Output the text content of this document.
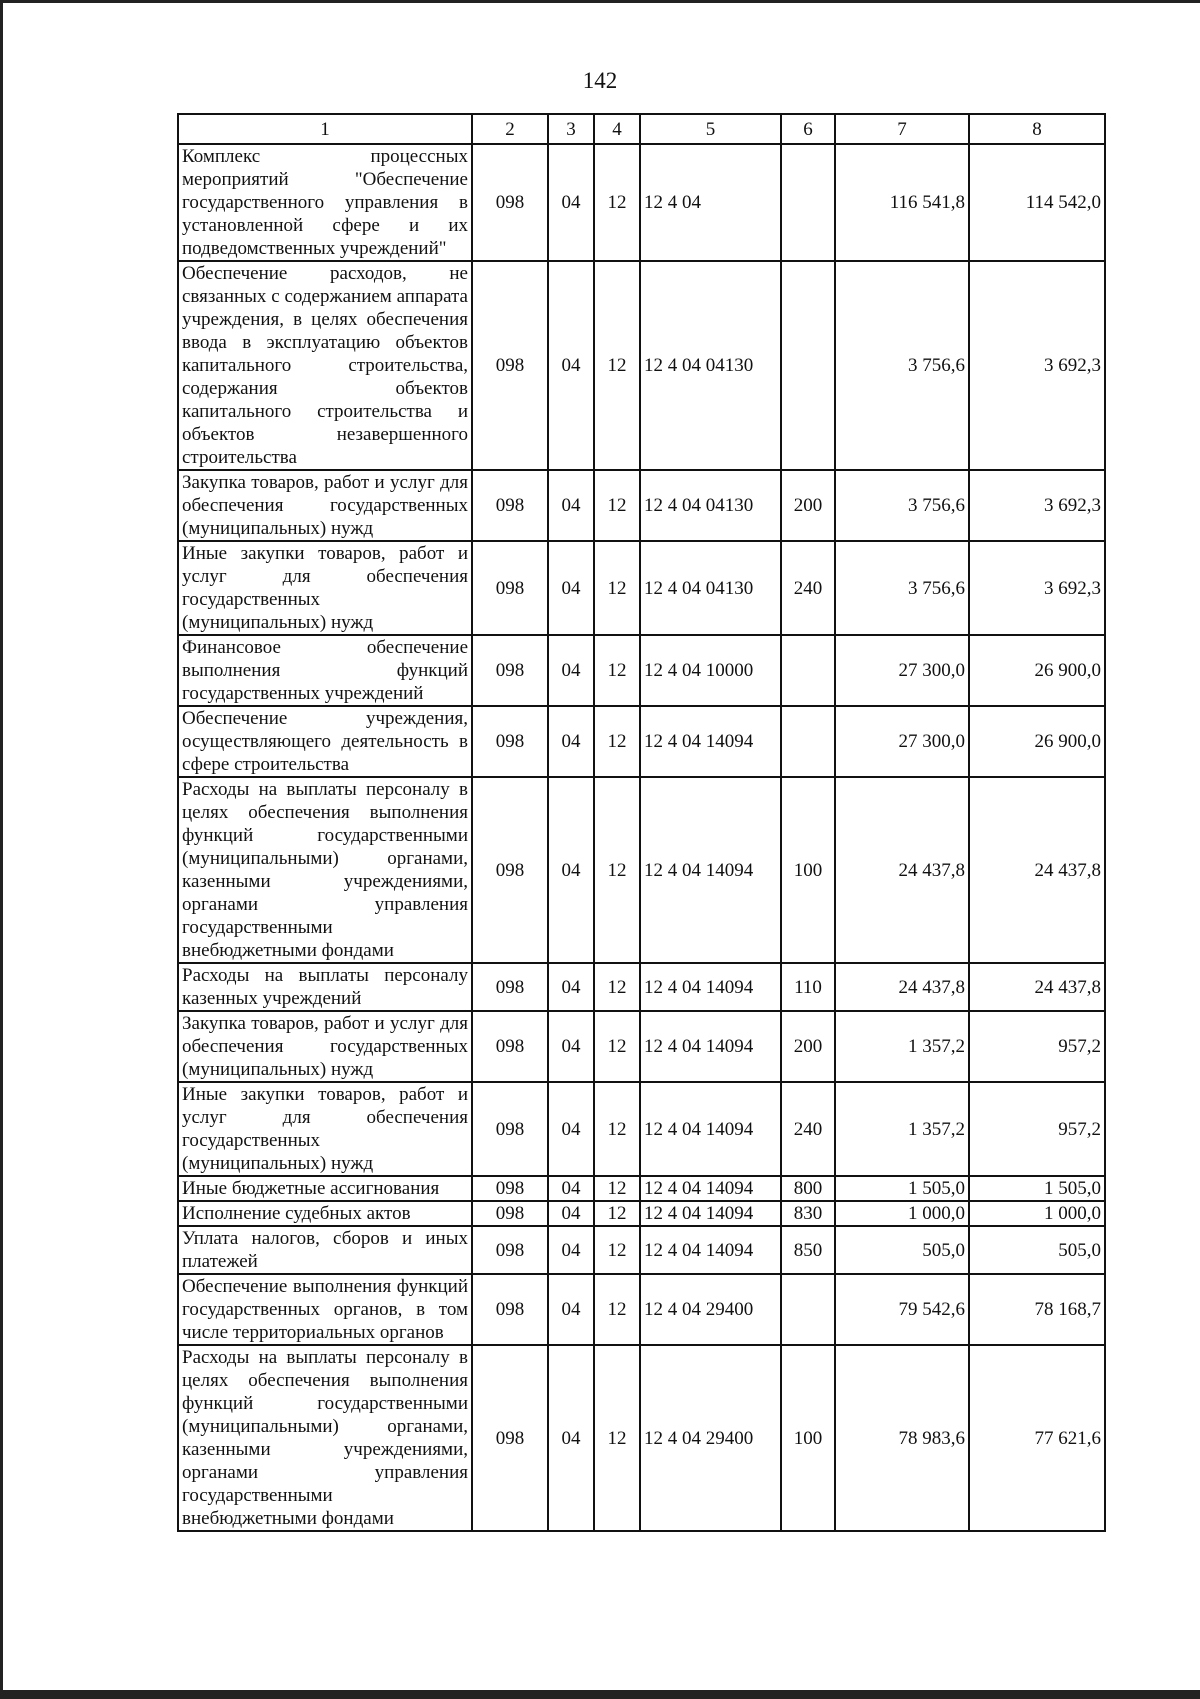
142
1	2	3	4	5	6	7	8
Комплекс процессных мероприятий "Обеспечение государственного управления в установленной сфере и их подведомственных учреждений"	098	04	12	12 4 04		116 541,8	114 542,0
Обеспечение расходов, не связанных с содержанием аппарата учреждения, в целях обеспечения ввода в эксплуатацию объектов капитального строительства, содержания объектов капитального строительства и объектов незавершенного строительства	098	04	12	12 4 04 04130		3 756,6	3 692,3
Закупка товаров, работ и услуг для обеспечения государственных (муниципальных) нужд	098	04	12	12 4 04 04130	200	3 756,6	3 692,3
Иные закупки товаров, работ и услуг для обеспечения государственных (муниципальных) нужд	098	04	12	12 4 04 04130	240	3 756,6	3 692,3
Финансовое обеспечение выполнения функций государственных учреждений	098	04	12	12 4 04 10000		27 300,0	26 900,0
Обеспечение учреждения, осуществляющего деятельность в сфере строительства	098	04	12	12 4 04 14094		27 300,0	26 900,0
Расходы на выплаты персоналу в целях обеспечения выполнения функций государственными (муниципальными) органами, казенными учреждениями, органами управления государственными внебюджетными фондами	098	04	12	12 4 04 14094	100	24 437,8	24 437,8
Расходы на выплаты персоналу казенных учреждений	098	04	12	12 4 04 14094	110	24 437,8	24 437,8
Закупка товаров, работ и услуг для обеспечения государственных (муниципальных) нужд	098	04	12	12 4 04 14094	200	1 357,2	957,2
Иные закупки товаров, работ и услуг для обеспечения государственных (муниципальных) нужд	098	04	12	12 4 04 14094	240	1 357,2	957,2
Иные бюджетные ассигнования	098	04	12	12 4 04 14094	800	1 505,0	1 505,0
Исполнение судебных актов	098	04	12	12 4 04 14094	830	1 000,0	1 000,0
Уплата налогов, сборов и иных платежей	098	04	12	12 4 04 14094	850	505,0	505,0
Обеспечение выполнения функций государственных органов, в том числе территориальных органов	098	04	12	12 4 04 29400		79 542,6	78 168,7
Расходы на выплаты персоналу в целях обеспечения выполнения функций государственными (муниципальными) органами, казенными учреждениями, органами управления государственными внебюджетными фондами	098	04	12	12 4 04 29400	100	78 983,6	77 621,6
